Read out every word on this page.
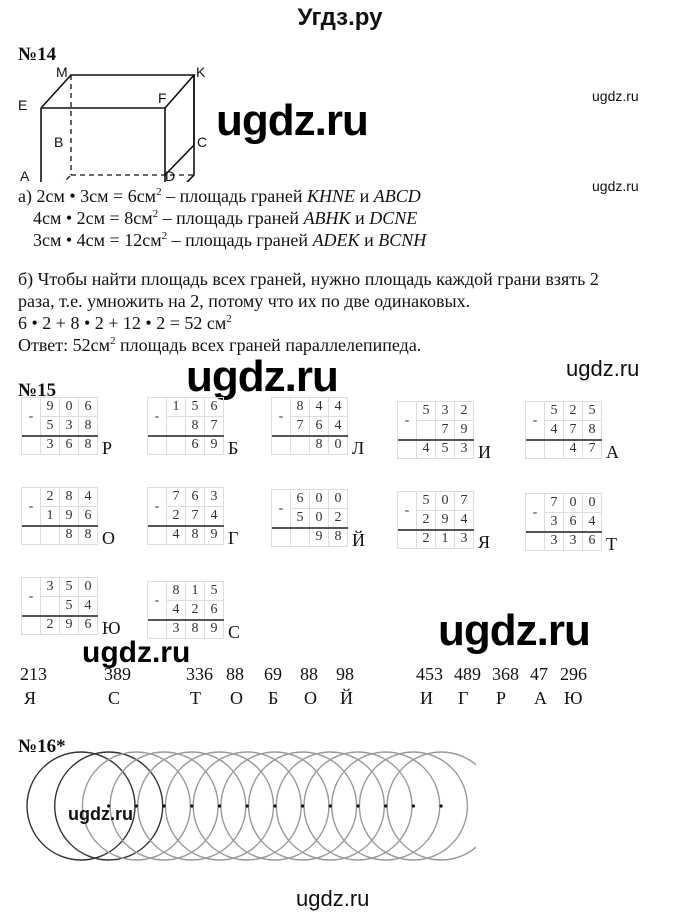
Угдз.ру
№14
M	K
E	F
B	C
A	D
ugdz.ru	ugdz.ru
ugdz.ru
а) 2см • $3см = 6см^2$ – площадь граней KHNE и ABCD
4см • $2см = 8см^2$ – площадь граней ABHK и DCNE
3см • $4см = 12см^2$ – площадь граней ADEK и BCNH
б) Чтобы найти площадь всех граней, нужно площадь каждой грани взять 2
раза, т.е. умножить на 2, потому что их по две одинаковых.
6 • 2 + 8 • 2 + 12 • 2 = 52 $см^2$
Ответ: $52см^2$ площадь всех граней параллелепипеда.
№15	ugdz.ru	ugdz.ru
-
9 0 6
5 3 8
3 6 8 Р
-
1 5 6
8 7
6 9 Б
-
8 4 4
7 6 4
8 0 Л
-
5 3 2
7 9
4 5 3 И
-
5 2 5
4 7 8
4 7 А
-
2 8 4
1 9 6
8 8 О
-
7 6 3
2 7 4
4 8 9 Г
-
6 0 0
5 0 2
9 8 Й
-
5 0 7
2 9 4
2 1 3 Я
-
7 0 0
3 6 4
3 3 6 Т
-
3 5 0
5 4
2 9 6 Ю
-
8 1 5
4 2 6
3 8 9 С	ugdz.ru
ugdz.ru
213	389	336 88 69 88 98	453 489 368 47 296
Я	С	Т О Б О Й	И Г Р А Ю
№16*
ugdz.ru
ugdz.ru
